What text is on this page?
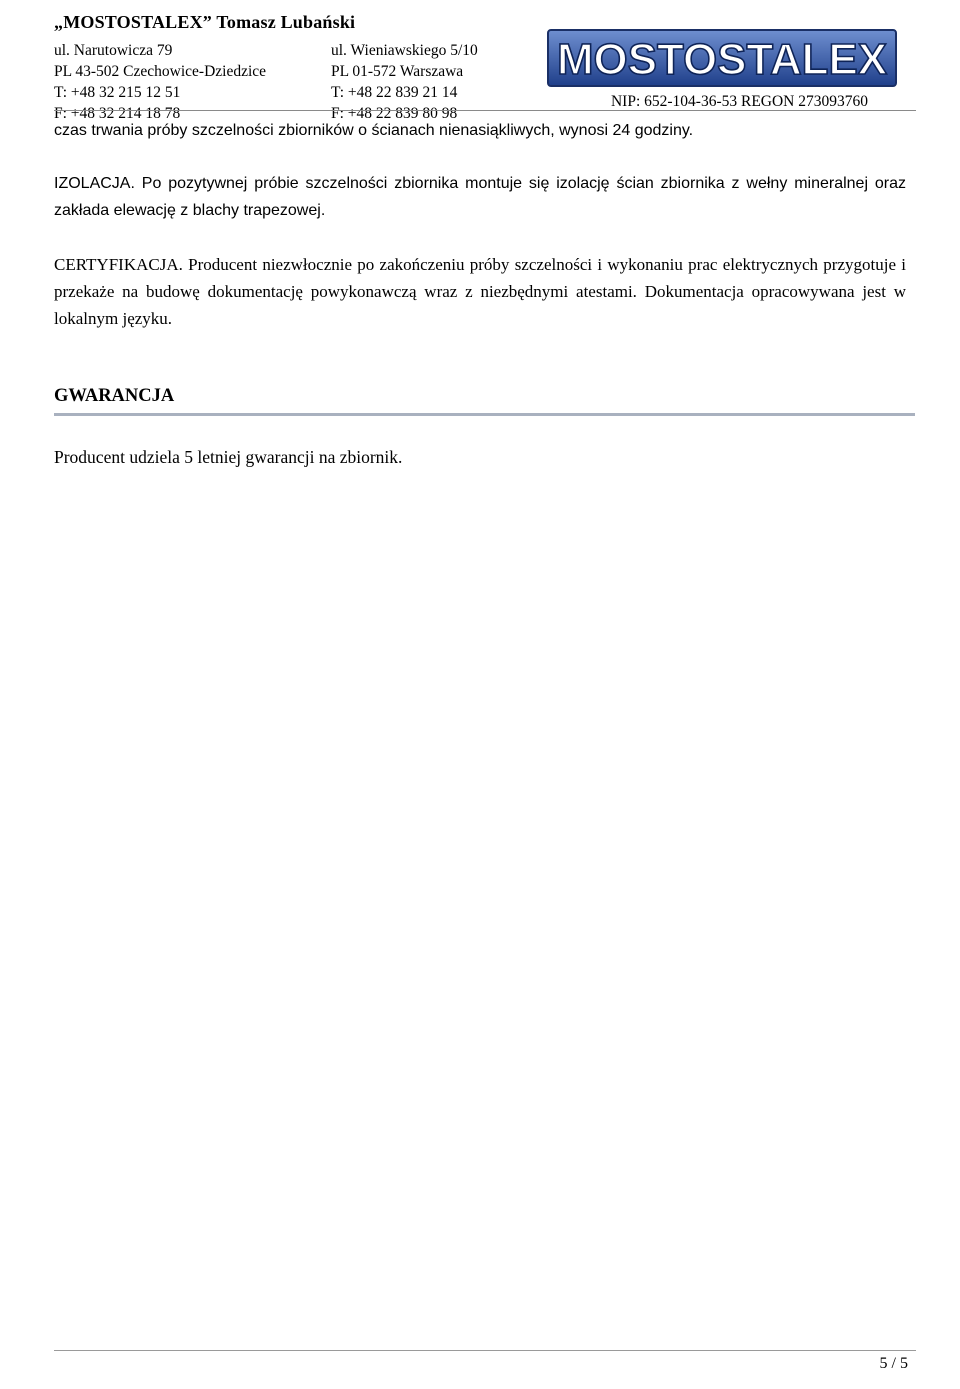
„MOSTOSTALEX” Tomasz Lubański
ul. Narutowicza 79
PL 43-502 Czechowice-Dziedzice
T: +48 32 215 12 51
F: +48 32 214 18 78
ul. Wieniawskiego 5/10
PL 01-572 Warszawa
T: +48 22 839 21 14
F: +48 22 839 80 98
MOSTOSTALEX
NIP: 652-104-36-53 REGON 273093760
czas trwania próby szczelności zbiorników o ścianach nienasiąkliwych, wynosi 24 godziny.
IZOLACJA. Po pozytywnej próbie szczelności zbiornika montuje się izolację ścian zbiornika z wełny mineralnej oraz zakłada elewację z blachy trapezowej.
CERTYFIKACJA. Producent niezwłocznie po zakończeniu próby szczelności i wykonaniu prac elektrycznych przygotuje i przekaże na budowę dokumentację powykonawczą wraz z niezbędnymi atestami. Dokumentacja opracowywana jest w lokalnym języku.
GWARANCJA
Producent udziela 5 letniej gwarancji na zbiornik.
5 / 5
